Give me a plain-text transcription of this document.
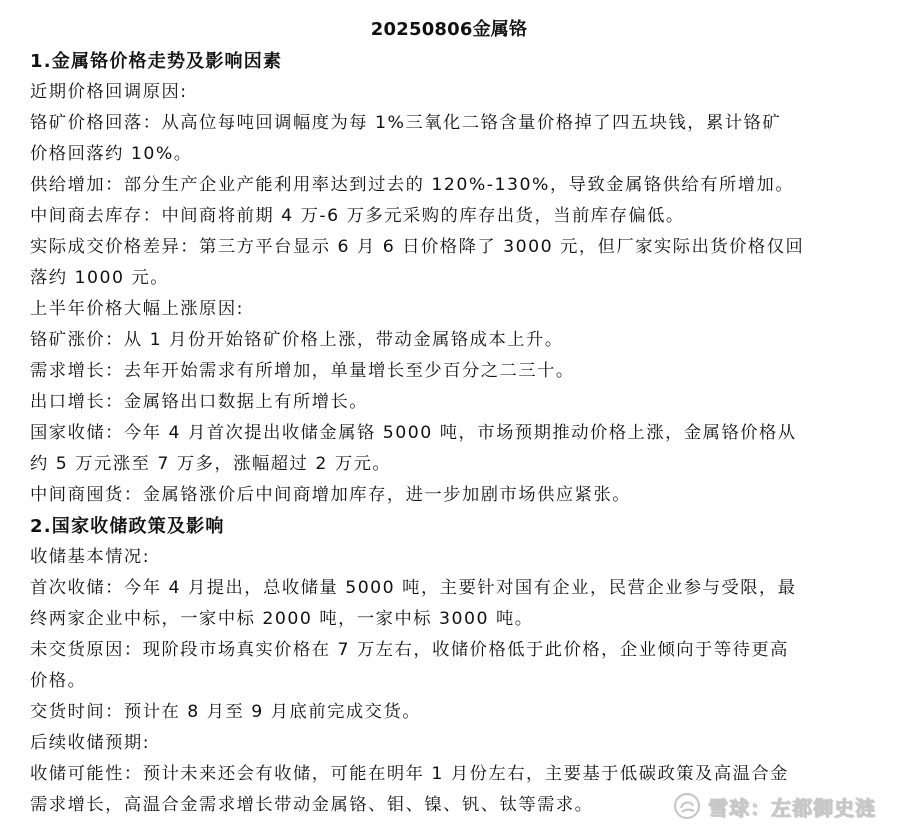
20250806金属铬
1.金属铬价格走势及影响因素
近期价格回调原因:
铬矿价格回落：从高位每吨回调幅度为每 1%三氧化二铬含量价格掉了四五块钱，累计铬矿
价格回落约 10%。
供给增加：部分生产企业产能利用率达到过去的 120%-130%，导致金属铬供给有所增加。
中间商去库存：中间商将前期 4 万-6 万多元采购的库存出货，当前库存偏低。
实际成交价格差异：第三方平台显示 6 月 6 日价格降了 3000 元，但厂家实际出货价格仅回
落约 1000 元。
上半年价格大幅上涨原因:
铬矿涨价：从 1 月份开始铬矿价格上涨，带动金属铬成本上升。
需求增长：去年开始需求有所增加，单量增长至少百分之二三十。
出口增长：金属铬出口数据上有所增长。
国家收储：今年 4 月首次提出收储金属铬 5000 吨，市场预期推动价格上涨，金属铬价格从
约 5 万元涨至 7 万多，涨幅超过 2 万元。
中间商囤货：金属铬涨价后中间商增加库存，进一步加剧市场供应紧张。
2.国家收储政策及影响
收储基本情况:
首次收储：今年 4 月提出，总收储量 5000 吨，主要针对国有企业，民营企业参与受限，最
终两家企业中标，一家中标 2000 吨，一家中标 3000 吨。
未交货原因：现阶段市场真实价格在 7 万左右，收储价格低于此价格，企业倾向于等待更高
价格。
交货时间：预计在 8 月至 9 月底前完成交货。
后续收储预期:
收储可能性：预计未来还会有收储，可能在明年 1 月份左右，主要基于低碳政策及高温合金
需求增长，高温合金需求增长带动金属铬、钼、镍、钒、钛等需求。	雪球：左都御史涟
